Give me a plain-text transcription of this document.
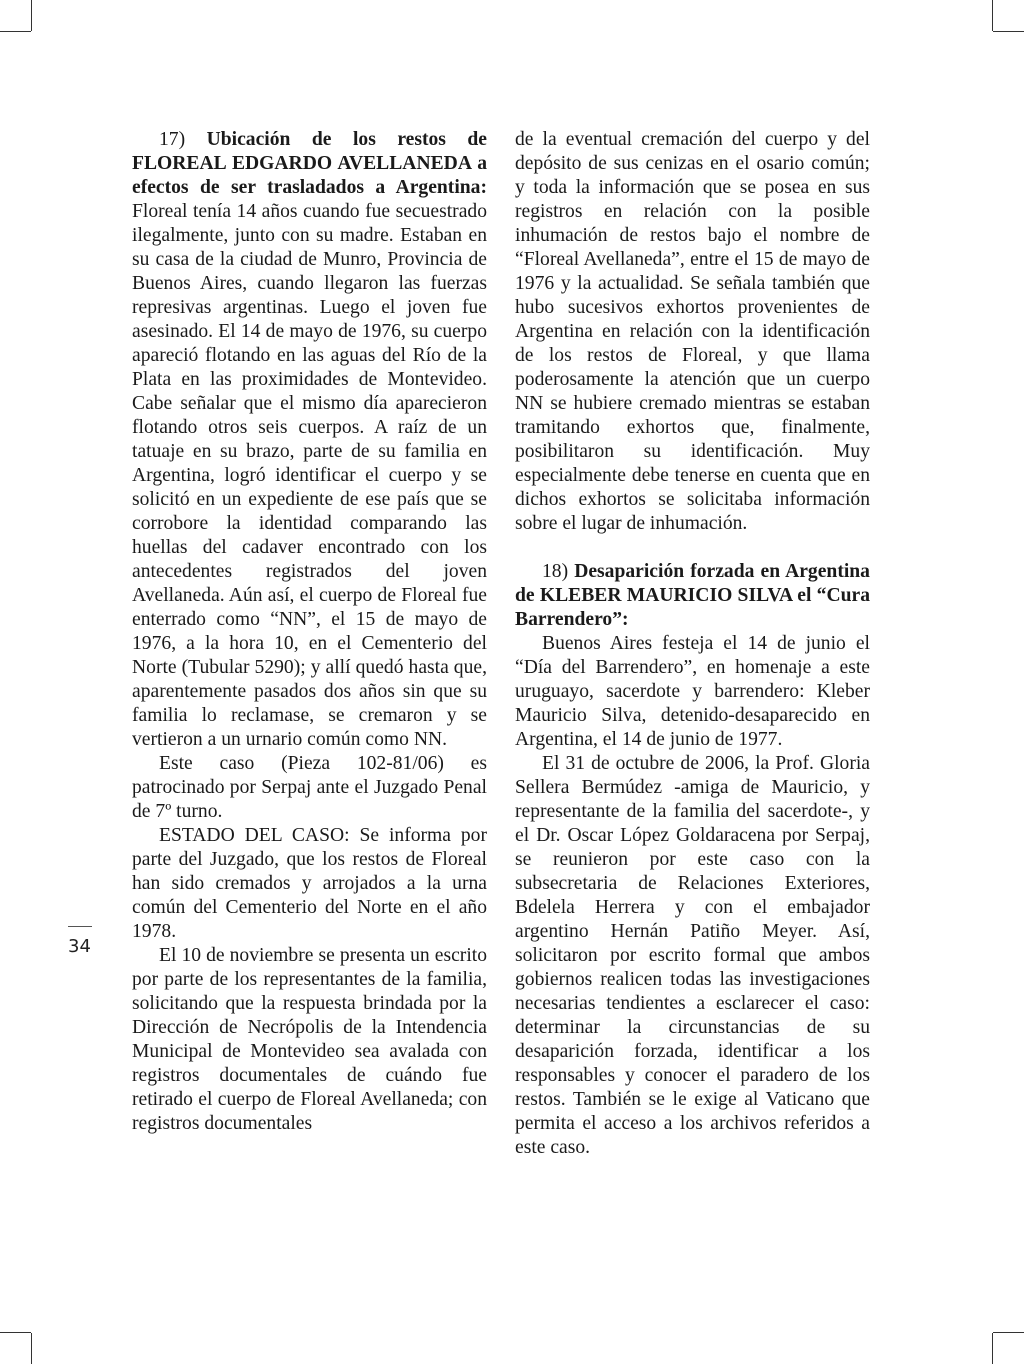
17) Ubicación de los restos de FLOREAL EDGARDO AVELLANEDA a efectos de ser trasladados a Argentina: Floreal tenía 14 años cuando fue secuestrado ilegalmente, junto con su madre. Estaban en su casa de la ciudad de Munro, Provincia de Buenos Aires, cuando llegaron las fuerzas represivas argentinas. Luego el joven fue asesinado. El 14 de mayo de 1976, su cuerpo apareció flotando en las aguas del Río de la Plata en las proximidades de Montevideo. Cabe señalar que el mismo día aparecieron flotando otros seis cuerpos. A raíz de un tatuaje en su brazo, parte de su familia en Argentina, logró identificar el cuerpo y se solicitó en un expediente de ese país que se corrobore la identidad comparando las huellas del cadaver encontrado con los antecedentes registrados del joven Avellaneda. Aún así, el cuerpo de Floreal fue enterrado como “NN”, el 15 de mayo de 1976, a la hora 10, en el Cementerio del Norte (Tubular 5290); y allí quedó hasta que, aparentemente pasados dos años sin que su familia lo reclamase, se cremaron y se vertieron a un urnario común como NN.

Este caso (Pieza 102-81/06) es patrocinado por Serpaj ante el Juzgado Penal de 7º turno.

ESTADO DEL CASO: Se informa por parte del Juzgado, que los restos de Floreal han sido cremados y arrojados a la urna común del Cementerio del Norte en el año 1978.

El 10 de noviembre se presenta un escrito por parte de los representantes de la familia, solicitando que la respuesta brindada por la Dirección de Necrópolis de la Intendencia Municipal de Montevideo sea avalada con registros documentales de cuándo fue retirado el cuerpo de Floreal Avellaneda; con registros documentales

de la eventual cremación del cuerpo y del depósito de sus cenizas en el osario común; y toda la información que se posea en sus registros en relación con la posible inhumación de restos bajo el nombre de “Floreal Avellaneda”, entre el 15 de mayo de 1976 y la actualidad. Se señala también que hubo sucesivos exhortos provenientes de Argentina en relación con la identificación de los restos de Floreal, y que llama poderosamente la atención que un cuerpo NN se hubiere cremado mientras se estaban tramitando exhortos que, finalmente, posibilitaron su identificación. Muy especialmente debe tenerse en cuenta que en dichos exhortos se solicitaba información sobre el lugar de inhumación.

18) Desaparición forzada en Argentina de KLEBER MAURICIO SILVA el “Cura Barrendero”:

Buenos Aires festeja el 14 de junio el “Día del Barrendero”, en homenaje a este uruguayo, sacerdote y barrendero: Kleber Mauricio Silva, detenido-desaparecido en Argentina, el 14 de junio de 1977.

El 31 de octubre de 2006, la Prof. Gloria Sellera Bermúdez -amiga de Mauricio, y representante de la familia del sacerdote-, y el Dr. Oscar López Goldaracena por Serpaj, se reunieron por este caso con la subsecretaria de Relaciones Exteriores, Bdelela Herrera y con el embajador argentino Hernán Patiño Meyer. Así, solicitaron por escrito formal que ambos gobiernos realicen todas las investigaciones necesarias tendientes a esclarecer el caso: determinar la circunstancias de su desaparición forzada, identificar a los responsables y conocer el paradero de los restos. También se le exige al Vaticano que permita el acceso a los archivos referidos a este caso.

34
